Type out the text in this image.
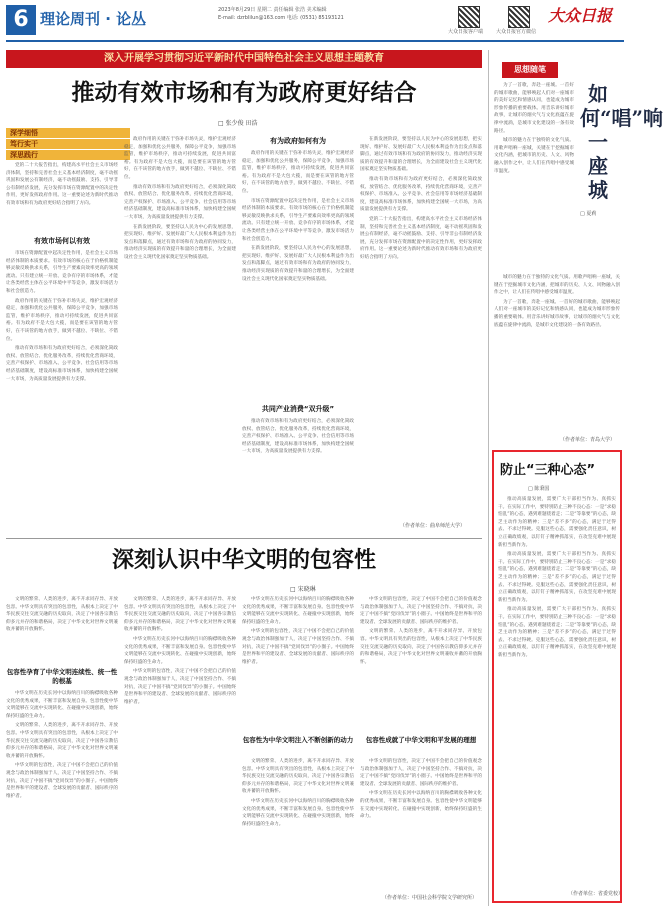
6 理论周刊 · 论丛	2023年8月29日 星期二 责任编辑 张浩 美术编辑
E-mail: dzrblilun@163.com 电话: (0531) 85193121
大众日报客户端	大众日报官方微信
大众日报
深入开展学习贯彻习近平新时代中国特色社会主义思想主题教育
推动有效市场和有为政府更好结合
□ 张少俊 田浩
深学细悟
笃行实干
深思践行

党的二十大报告指出，构建高水平社会主义市场经济体制，坚持和完善社会主义基本经济制度，毫不动摇巩固和发展公有制经济，毫不动摇鼓励、支持、引导非公有制经济发展，充分发挥市场在资源配置中的决定性作用，更好发挥政府作用。这一重要论述为新时代推动有效市场和有为政府更好结合指明了方向。

有效市场何以有效

市场在资源配置中起决定性作用，是社会主义市场经济体制的本质要求。有效市场的核心在于价格机制能够灵敏反映供求关系，引导生产要素向效率更高的领域流动。只有建立统一开放、竞争有序的市场体系，才能让各类经营主体在公平环境中平等竞争，激发市场活力和社会创造力。

政府作用的关键在于弥补市场失灵，维护宏观经济稳定，加强和优化公共服务，保障公平竞争，加强市场监管，维护市场秩序，推动可持续发展，促进共同富裕。有为政府不是大包大揽，而是要在该管的地方管好，在不该管的地方放手，做到不越位、不缺位、不错位。

推动有效市场和有为政府更好结合，必须深化简政放权、放管结合、优化服务改革，持续优化营商环境，完善产权保护、市场准入、公平竞争、社会信用等市场经济基础制度，建设高标准市场体系，加快构建全国统一大市场，为高质量发展提供有力支撑。

政府作用的关键在于弥补市场失灵，维护宏观经济稳定，加强和优化公共服务，保障公平竞争，加强市场监管，维护市场秩序，推动可持续发展，促进共同富裕。有为政府不是大包大揽，而是要在该管的地方管好，在不该管的地方放手，做到不越位、不缺位、不错位。

推动有效市场和有为政府更好结合，必须深化简政放权、放管结合、优化服务改革，持续优化营商环境，完善产权保护、市场准入、公平竞争、社会信用等市场经济基础制度，建设高标准市场体系，加快构建全国统一大市场，为高质量发展提供有力支撑。

在新发展阶段，要坚持以人民为中心的发展思想，把实现好、维护好、发展好最广大人民根本利益作为出发点和落脚点，通过有效市场和有为政府的协同发力，推动经济实现质的有效提升和量的合理增长，为全面建设社会主义现代化国家奠定坚实物质基础。

有为政府如何有为

政府作用的关键在于弥补市场失灵，维护宏观经济稳定，加强和优化公共服务，保障公平竞争，加强市场监管，维护市场秩序，推动可持续发展，促进共同富裕。有为政府不是大包大揽，而是要在该管的地方管好，在不该管的地方放手，做到不越位、不缺位、不错位。

市场在资源配置中起决定性作用，是社会主义市场经济体制的本质要求。有效市场的核心在于价格机制能够灵敏反映供求关系，引导生产要素向效率更高的领域流动。只有建立统一开放、竞争有序的市场体系，才能让各类经营主体在公平环境中平等竞争，激发市场活力和社会创造力。

在新发展阶段，要坚持以人民为中心的发展思想，把实现好、维护好、发展好最广大人民根本利益作为出发点和落脚点，通过有效市场和有为政府的协同发力，推动经济实现质的有效提升和量的合理增长，为全面建设社会主义现代化国家奠定坚实物质基础。

共同产业消费“双升级”

推动有效市场和有为政府更好结合，必须深化简政放权、放管结合、优化服务改革，持续优化营商环境，完善产权保护、市场准入、公平竞争、社会信用等市场经济基础制度，建设高标准市场体系，加快构建全国统一大市场，为高质量发展提供有力支撑。

在新发展阶段，要坚持以人民为中心的发展思想，把实现好、维护好、发展好最广大人民根本利益作为出发点和落脚点，通过有效市场和有为政府的协同发力，推动经济实现质的有效提升和量的合理增长，为全面建设社会主义现代化国家奠定坚实物质基础。

推动有效市场和有为政府更好结合，必须深化简政放权、放管结合、优化服务改革，持续优化营商环境，完善产权保护、市场准入、公平竞争、社会信用等市场经济基础制度，建设高标准市场体系，加快构建全国统一大市场，为高质量发展提供有力支撑。

党的二十大报告指出，构建高水平社会主义市场经济体制，坚持和完善社会主义基本经济制度，毫不动摇巩固和发展公有制经济，毫不动摇鼓励、支持、引导非公有制经济发展，充分发挥市场在资源配置中的决定性作用，更好发挥政府作用。这一重要论述为新时代推动有效市场和有为政府更好结合指明了方向。

（作者单位：曲阜师范大学）
深刻认识中华文明的包容性
□ 宋晓琳

文明的繁荣、人类的进步，离不开求同存异、开放包容。中华文明具有突出的包容性，从根本上决定了中华民族交往交流交融的历史取向，决定了中国各宗教信仰多元并存的和谐格局，决定了中华文化对世界文明兼收并蓄的开放胸怀。

包容性孕育了中华文明连续性、统一性的根基

中华文明在历史长河中以海纳百川的胸襟吸收各种文化的优秀成果，不断丰富和发展自身。包容性使中华文明能够在交流中实现转化、在碰撞中实现创新，始终保持旺盛的生命力。

文明的繁荣、人类的进步，离不开求同存异、开放包容。中华文明具有突出的包容性，从根本上决定了中华民族交往交流交融的历史取向，决定了中国各宗教信仰多元并存的和谐格局，决定了中华文化对世界文明兼收并蓄的开放胸怀。

中华文明的包容性，决定了中国不会把自己的价值观念与政治体制强加于人，决定了中国坚持合作、不搞对抗，决定了中国不搞“党同伐异”的小圈子。中国始终是世界和平的建设者、全球发展的贡献者、国际秩序的维护者。

文明的繁荣、人类的进步，离不开求同存异、开放包容。中华文明具有突出的包容性，从根本上决定了中华民族交往交流交融的历史取向，决定了中国各宗教信仰多元并存的和谐格局，决定了中华文化对世界文明兼收并蓄的开放胸怀。

中华文明在历史长河中以海纳百川的胸襟吸收各种文化的优秀成果，不断丰富和发展自身。包容性使中华文明能够在交流中实现转化、在碰撞中实现创新，始终保持旺盛的生命力。

中华文明的包容性，决定了中国不会把自己的价值观念与政治体制强加于人，决定了中国坚持合作、不搞对抗，决定了中国不搞“党同伐异”的小圈子。中国始终是世界和平的建设者、全球发展的贡献者、国际秩序的维护者。

中华文明在历史长河中以海纳百川的胸襟吸收各种文化的优秀成果，不断丰富和发展自身。包容性使中华文明能够在交流中实现转化、在碰撞中实现创新，始终保持旺盛的生命力。

中华文明的包容性，决定了中国不会把自己的价值观念与政治体制强加于人，决定了中国坚持合作、不搞对抗，决定了中国不搞“党同伐异”的小圈子。中国始终是世界和平的建设者、全球发展的贡献者、国际秩序的维护者。

包容性为中华文明注入不断创新的动力

文明的繁荣、人类的进步，离不开求同存异、开放包容。中华文明具有突出的包容性，从根本上决定了中华民族交往交流交融的历史取向，决定了中国各宗教信仰多元并存的和谐格局，决定了中华文化对世界文明兼收并蓄的开放胸怀。

中华文明在历史长河中以海纳百川的胸襟吸收各种文化的优秀成果，不断丰富和发展自身。包容性使中华文明能够在交流中实现转化、在碰撞中实现创新，始终保持旺盛的生命力。

中华文明的包容性，决定了中国不会把自己的价值观念与政治体制强加于人，决定了中国坚持合作、不搞对抗，决定了中国不搞“党同伐异”的小圈子。中国始终是世界和平的建设者、全球发展的贡献者、国际秩序的维护者。

文明的繁荣、人类的进步，离不开求同存异、开放包容。中华文明具有突出的包容性，从根本上决定了中华民族交往交流交融的历史取向，决定了中国各宗教信仰多元并存的和谐格局，决定了中华文化对世界文明兼收并蓄的开放胸怀。

包容性成就了中华文明和平发展的理想

中华文明的包容性，决定了中国不会把自己的价值观念与政治体制强加于人，决定了中国坚持合作、不搞对抗，决定了中国不搞“党同伐异”的小圈子。中国始终是世界和平的建设者、全球发展的贡献者、国际秩序的维护者。

中华文明在历史长河中以海纳百川的胸襟吸收各种文化的优秀成果，不断丰富和发展自身。包容性使中华文明能够在交流中实现转化、在碰撞中实现创新，始终保持旺盛的生命力。

（作者单位：中国社会科学院文学研究所）
思想随笔
如何“唱”响一座城
□ 夏莉

为了一首歌，奔赴一座城。一首好的城市歌曲，能够唤起人们对一座城市的美好记忆和情感认同，也能成为城市形象传播的重要载体。用音乐讲好城市故事，让城市的烟火气与文化底蕴在旋律中流淌，是城市文化建设的一条有效路径。

城市的魅力在于独特的文化气质。用歌声唱响一座城，关键在于挖掘城市文化内涵，把城市的历史、人文、风物融入创作之中，让人们在传唱中感受城市温度。

城市的魅力在于独特的文化气质。用歌声唱响一座城，关键在于挖掘城市文化内涵，把城市的历史、人文、风物融入创作之中，让人们在传唱中感受城市温度。

为了一首歌，奔赴一座城。一首好的城市歌曲，能够唤起人们对一座城市的美好记忆和情感认同，也能成为城市形象传播的重要载体。用音乐讲好城市故事，让城市的烟火气与文化底蕴在旋律中流淌，是城市文化建设的一条有效路径。

（作者单位：青岛大学）
防止“三种心态”
□ 陈秉国

推动高质量发展，需要广大干部担当作为、真抓实干。在实际工作中，要特别防止三种不良心态：一是“求稳怕乱”的心态，遇到难题绕着走；二是“等靠要”的心态，缺乏主动作为的精神；三是“差不多”的心态，满足于过得去、不求过得硬。克服这些心态，需要强化责任意识，树立正确政绩观，以钉钉子精神抓落实，在攻坚克难中展现新担当新作为。

推动高质量发展，需要广大干部担当作为、真抓实干。在实际工作中，要特别防止三种不良心态：一是“求稳怕乱”的心态，遇到难题绕着走；二是“等靠要”的心态，缺乏主动作为的精神；三是“差不多”的心态，满足于过得去、不求过得硬。克服这些心态，需要强化责任意识，树立正确政绩观，以钉钉子精神抓落实，在攻坚克难中展现新担当新作为。

推动高质量发展，需要广大干部担当作为、真抓实干。在实际工作中，要特别防止三种不良心态：一是“求稳怕乱”的心态，遇到难题绕着走；二是“等靠要”的心态，缺乏主动作为的精神；三是“差不多”的心态，满足于过得去、不求过得硬。克服这些心态，需要强化责任意识，树立正确政绩观，以钉钉子精神抓落实，在攻坚克难中展现新担当新作为。

（作者单位：省委党校）
